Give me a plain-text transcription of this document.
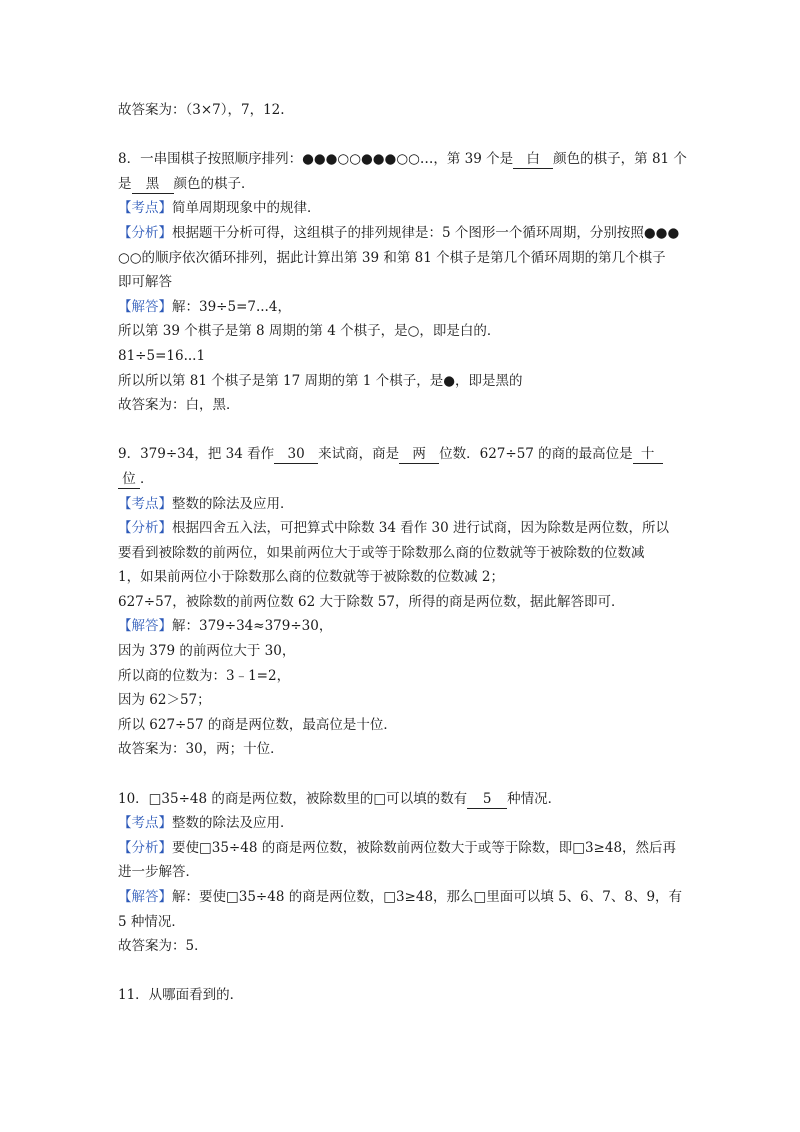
故答案为：（3×7），7，12.
8．一串围棋子按照顺序排列：●●●○○●●●○○…，第 39 个是 白 颜色的棋子，第 81 个
是 黑 颜色的棋子．
【考点】简单周期现象中的规律．
【分析】根据题干分析可得，这组棋子的排列规律是：5 个图形一个循环周期，分别按照●●●
○○的顺序依次循环排列，据此计算出第 39 和第 81 个棋子是第几个循环周期的第几个棋子
即可解答
【解答】解：39÷5=7...4，
所以第 39 个棋子是第 8 周期的第 4 个棋子，是○，即是白的．
81÷5=16...1
所以所以第 81 个棋子是第 17 周期的第 1 个棋子，是●，即是黑的
故答案为：白，黑．
9．379÷34，把 34 看作 30 来试商，商是 两 位数．627÷57 的商的最高位是 十
位 ．
【考点】整数的除法及应用．
【分析】根据四舍五入法，可把算式中除数 34 看作 30 进行试商，因为除数是两位数，所以
要看到被除数的前两位，如果前两位大于或等于除数那么商的位数就等于被除数的位数减
1，如果前两位小于除数那么商的位数就等于被除数的位数减 2；
627÷57，被除数的前两位数 62 大于除数 57，所得的商是两位数，据此解答即可．
【解答】解：379÷34≈379÷30，
因为 379 的前两位大于 30，
所以商的位数为：3﹣1=2，
因为 62＞57；
所以 627÷57 的商是两位数，最高位是十位．
故答案为：30，两；十位．
10．□35÷48 的商是两位数，被除数里的□可以填的数有 5 种情况．
【考点】整数的除法及应用．
【分析】要使□35÷48 的商是两位数，被除数前两位数大于或等于除数，即□3≥48，然后再
进一步解答．
【解答】解：要使□35÷48 的商是两位数，□3≥48，那么□里面可以填 5、6、7、8、9，有
5 种情况．
故答案为：5．
11．从哪面看到的．
